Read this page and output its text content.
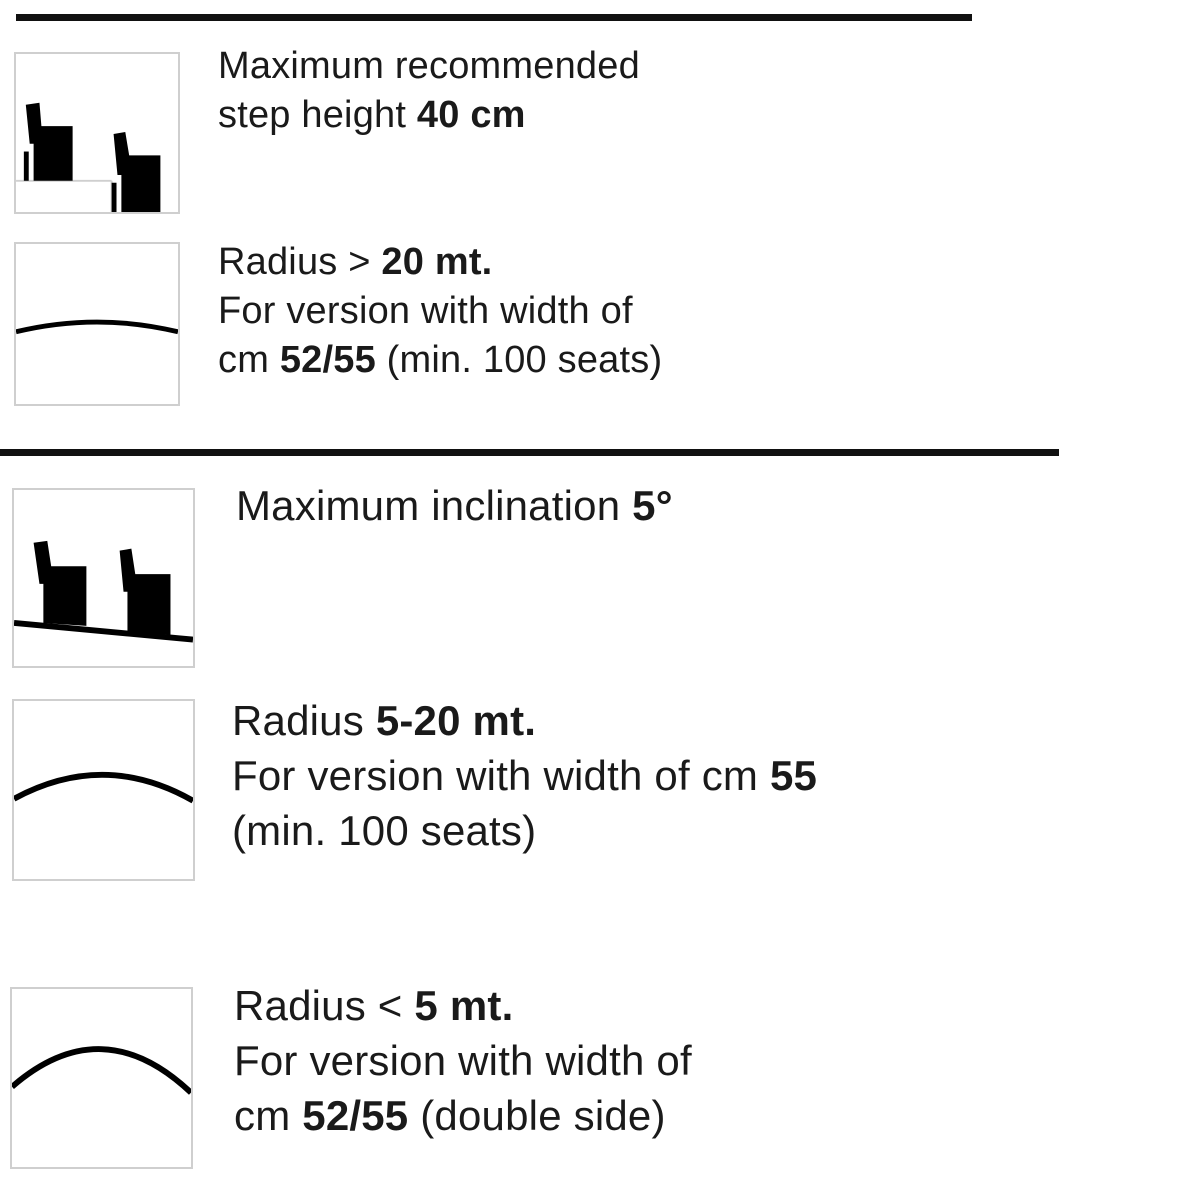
Maximum recommended
step height 40 cm
Radius > 20 mt.
For version with width of
cm 52/55 (min. 100 seats)
Maximum inclination 5°
Radius 5-20 mt.
For version with width of cm 55
(min. 100 seats)
Radius < 5 mt.
For version with width of
cm 52/55 (double side)
